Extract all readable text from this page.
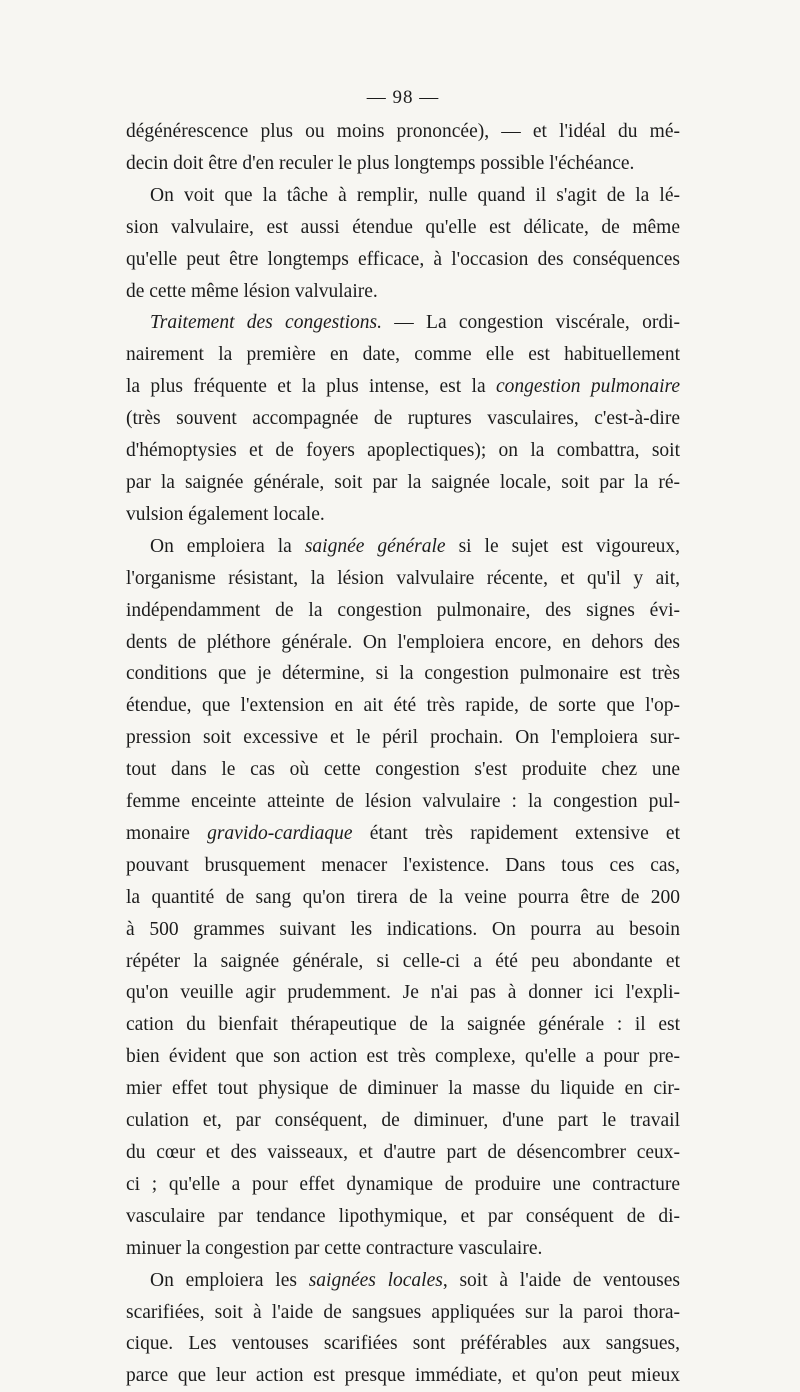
— 98 —

dégénérescence plus ou moins prononcée), — et l'idéal du mé-
decin doit être d'en reculer le plus longtemps possible l'échéance.

On voit que la tâche à remplir, nulle quand il s'agit de la lé-
sion valvulaire, est aussi étendue qu'elle est délicate, de même
qu'elle peut être longtemps efficace, à l'occasion des conséquences
de cette même lésion valvulaire.

Traitement des congestions. — La congestion viscérale, ordi-
nairement la première en date, comme elle est habituellement
la plus fréquente et la plus intense, est la congestion pulmonaire
(très souvent accompagnée de ruptures vasculaires, c'est-à-dire
d'hémoptysies et de foyers apoplectiques); on la combattra, soit
par la saignée générale, soit par la saignée locale, soit par la ré-
vulsion également locale.

On emploiera la saignée générale si le sujet est vigoureux,
l'organisme résistant, la lésion valvulaire récente, et qu'il y ait,
indépendamment de la congestion pulmonaire, des signes évi-
dents de pléthore générale. On l'emploiera encore, en dehors des
conditions que je détermine, si la congestion pulmonaire est très
étendue, que l'extension en ait été très rapide, de sorte que l'op-
pression soit excessive et le péril prochain. On l'emploiera sur-
tout dans le cas où cette congestion s'est produite chez une
femme enceinte atteinte de lésion valvulaire : la congestion pul-
monaire gravido-cardiaque étant très rapidement extensive et
pouvant brusquement menacer l'existence. Dans tous ces cas,
la quantité de sang qu'on tirera de la veine pourra être de 200
à 500 grammes suivant les indications. On pourra au besoin
répéter la saignée générale, si celle-ci a été peu abondante et
qu'on veuille agir prudemment. Je n'ai pas à donner ici l'expli-
cation du bienfait thérapeutique de la saignée générale : il est
bien évident que son action est très complexe, qu'elle a pour pre-
mier effet tout physique de diminuer la masse du liquide en cir-
culation et, par conséquent, de diminuer, d'une part le travail
du cœur et des vaisseaux, et d'autre part de désencombrer ceux-
ci ; qu'elle a pour effet dynamique de produire une contracture
vasculaire par tendance lipothymique, et par conséquent de di-
minuer la congestion par cette contracture vasculaire.

On emploiera les saignées locales, soit à l'aide de ventouses
scarifiées, soit à l'aide de sangsues appliquées sur la paroi thora-
cique. Les ventouses scarifiées sont préférables aux sangsues,
parce que leur action est presque immédiate, et qu'on peut mieux
